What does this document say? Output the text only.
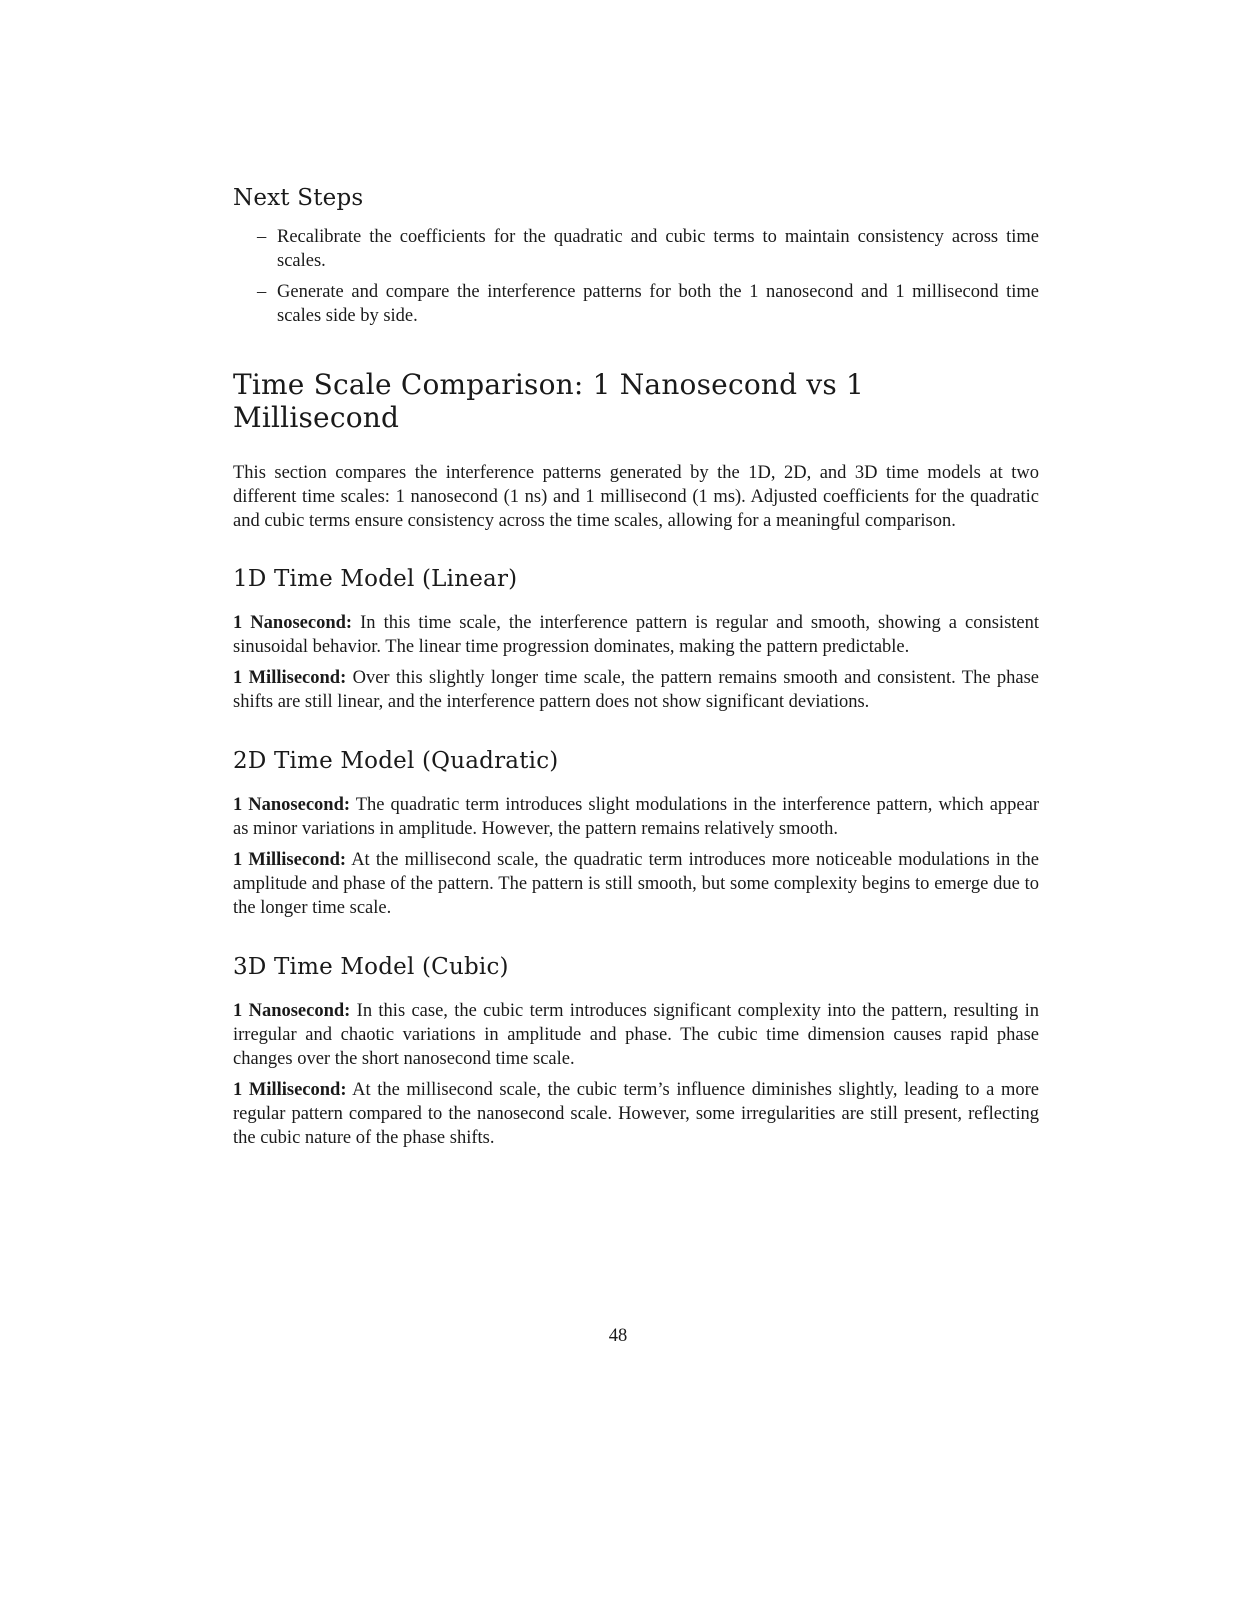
Next Steps
– Recalibrate the coefficients for the quadratic and cubic terms to maintain consistency across time scales.
– Generate and compare the interference patterns for both the 1 nanosecond and 1 millisecond time scales side by side.
Time Scale Comparison: 1 Nanosecond vs 1 Millisecond

This section compares the interference patterns generated by the 1D, 2D, and 3D time models at two different time scales: 1 nanosecond (1 ns) and 1 millisecond (1 ms). Adjusted coefficients for the quadratic and cubic terms ensure consistency across the time scales, allowing for a meaningful comparison.

1D Time Model (Linear)

1 Nanosecond: In this time scale, the interference pattern is regular and smooth, showing a consistent sinusoidal behavior. The linear time progression dominates, making the pattern predictable.

1 Millisecond: Over this slightly longer time scale, the pattern remains smooth and consistent. The phase shifts are still linear, and the interference pattern does not show significant deviations.

2D Time Model (Quadratic)

1 Nanosecond: The quadratic term introduces slight modulations in the interference pattern, which appear as minor variations in amplitude. However, the pattern remains relatively smooth.

1 Millisecond: At the millisecond scale, the quadratic term introduces more noticeable modulations in the amplitude and phase of the pattern. The pattern is still smooth, but some complexity begins to emerge due to the longer time scale.

3D Time Model (Cubic)

1 Nanosecond: In this case, the cubic term introduces significant complexity into the pattern, resulting in irregular and chaotic variations in amplitude and phase. The cubic time dimension causes rapid phase changes over the short nanosecond time scale.

1 Millisecond: At the millisecond scale, the cubic term’s influence diminishes slightly, leading to a more regular pattern compared to the nanosecond scale. However, some irregularities are still present, reflecting the cubic nature of the phase shifts.

48
